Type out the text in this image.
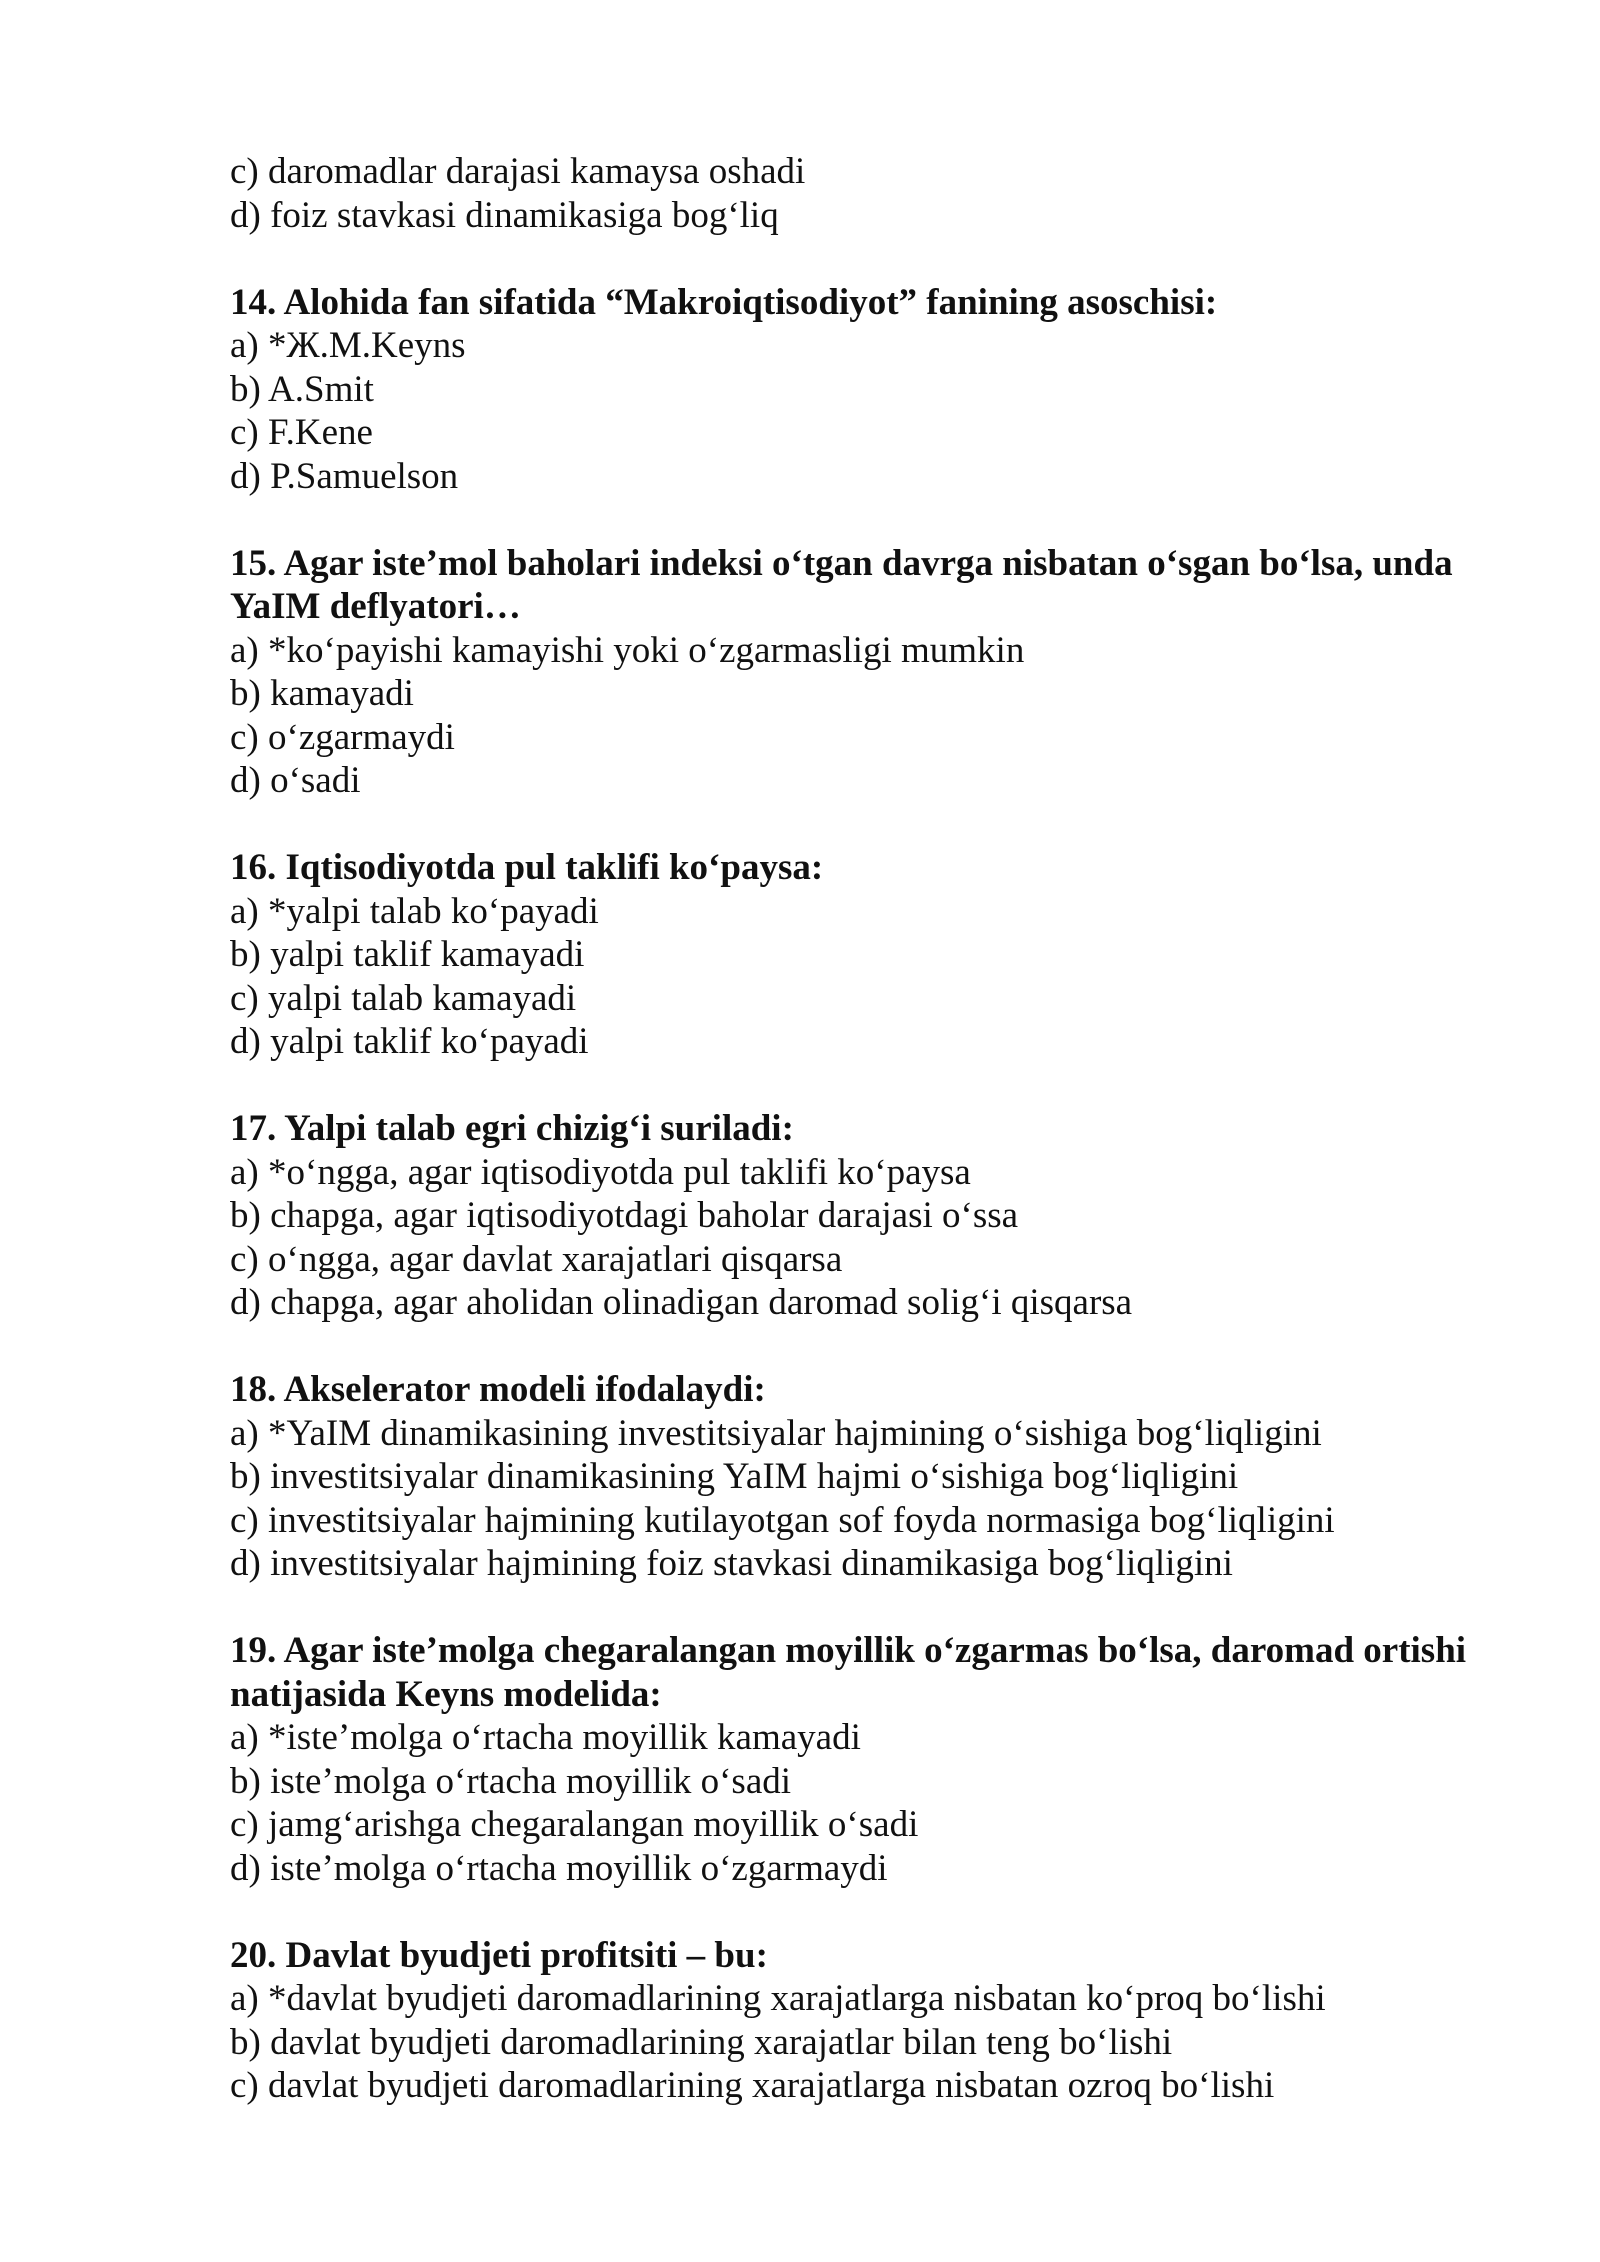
c) daromadlar darajasi kamaysa oshadi
d) foiz stavkasi dinamikasiga bog‘liq
14. Alohida fan sifatida “Makroiqtisodiyot” fanining asoschisi:
a) *Ж.М.Keyns
b) A.Smit
c) F.Kene
d) P.Samuelson
15. Agar iste’mol baholari indeksi o‘tgan davrga nisbatan o‘sgan bo‘lsa, unda
YaIM deflyatori…
a) *ko‘payishi kamayishi yoki o‘zgarmasligi mumkin
b) kamayadi
c) o‘zgarmaydi
d) o‘sadi
16. Iqtisodiyotda pul taklifi ko‘paysa:
a) *yalpi talab ko‘payadi
b) yalpi taklif kamayadi
c) yalpi talab kamayadi
d) yalpi taklif ko‘payadi
17. Yalpi talab egri chizig‘i suriladi:
a) *o‘ngga, agar iqtisodiyotda pul taklifi ko‘paysa
b) chapga, agar iqtisodiyotdagi baholar darajasi o‘ssa
c) o‘ngga, agar davlat xarajatlari qisqarsa
d) chapga, agar aholidan olinadigan daromad solig‘i qisqarsa
18. Akselerator modeli ifodalaydi:
a) *YaIM dinamikasining investitsiyalar hajmining o‘sishiga bog‘liqligini
b) investitsiyalar dinamikasining YaIM hajmi o‘sishiga bog‘liqligini
c) investitsiyalar hajmining kutilayotgan sof foyda normasiga bog‘liqligini
d) investitsiyalar hajmining foiz stavkasi dinamikasiga bog‘liqligini
19. Agar iste’molga chegaralangan moyillik o‘zgarmas bo‘lsa, daromad ortishi
natijasida Keyns modelida:
a) *iste’molga o‘rtacha moyillik kamayadi
b) iste’molga o‘rtacha moyillik o‘sadi
c) jamg‘arishga chegaralangan moyillik o‘sadi
d) iste’molga o‘rtacha moyillik o‘zgarmaydi
20. Davlat byudjeti profitsiti – bu:
a) *davlat byudjeti daromadlarining xarajatlarga nisbatan ko‘proq bo‘lishi
b) davlat byudjeti daromadlarining xarajatlar bilan teng bo‘lishi
c) davlat byudjeti daromadlarining xarajatlarga nisbatan ozroq bo‘lishi
